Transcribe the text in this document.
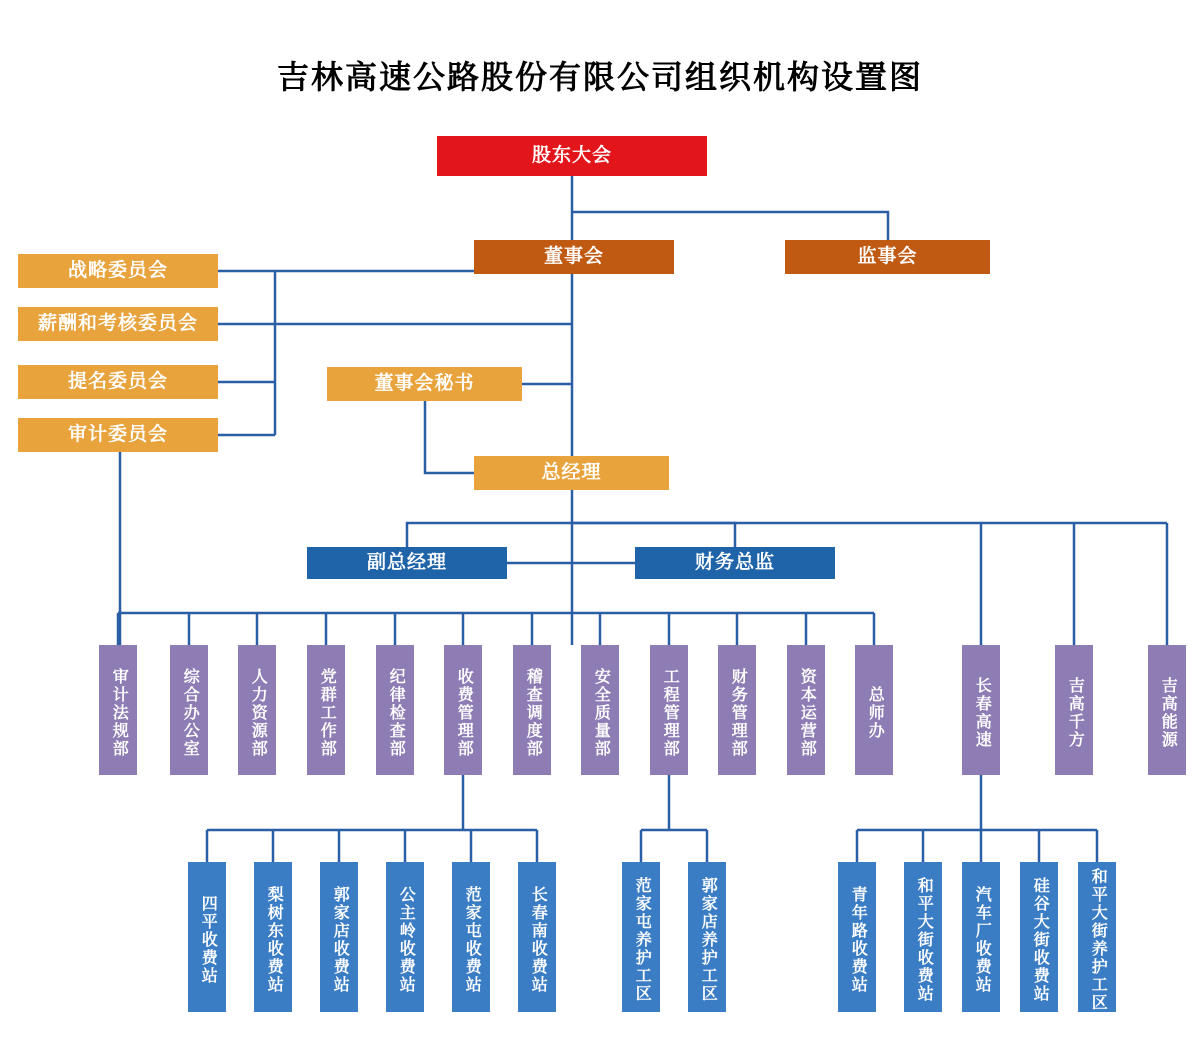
吉林高速公路股份有限公司组织机构设置图
股东大会
董事会	监事会
战略委员会
薪酬和考核委员会
提名委员会
审计委员会
董事会秘书
总经理
副总经理	财务总监
审计法规部	综合办公室	人力资源部	党群工作部	纪律检查部	收费管理部	稽查调度部	安全质量部	工程管理部	财务管理部	资本运营部	总师办	长春高速	吉高千方	吉高能源
四平收费站	梨树东收费站	郭家店收费站	公主岭收费站	范家屯收费站	长春南收费站	范家屯养护工区	郭家店养护工区	青年路收费站	和平大街收费站	汽车厂收费站	硅谷大街收费站	和平大街养护工区
